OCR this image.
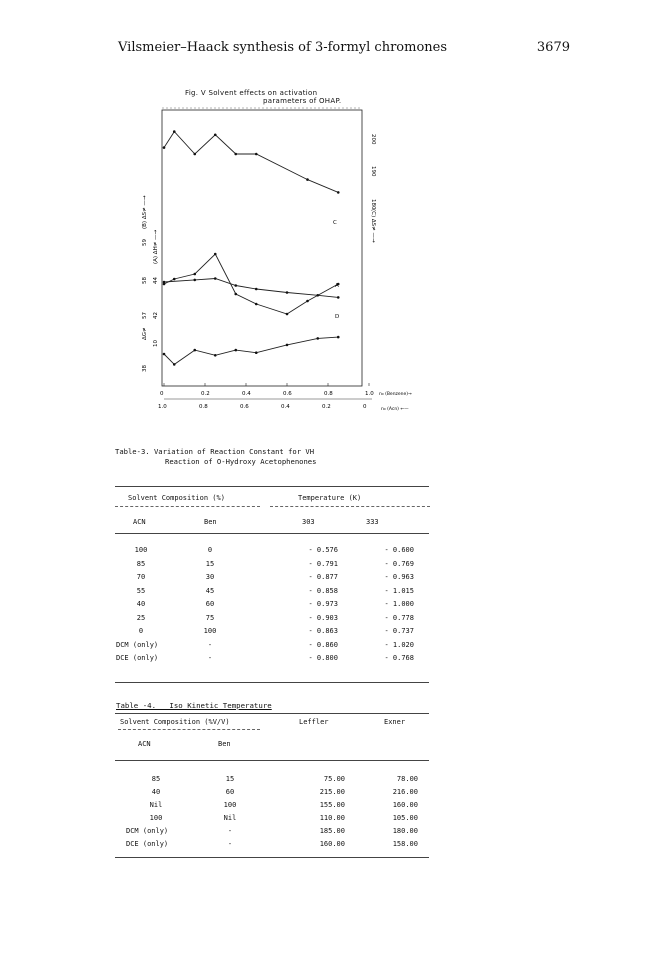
Vilsmeier–Haack synthesis of 3-formyl chromones	3679
Fig. V Solvent effects on activation
parameters of OHAP.
0
1.0
0.2
0.8
0.4
0.6
0.6
0.4
0.8
0.2
1.0
0
n₀ (Benzene)→
n₀ (Acn) ←—
C
A
D
38
ΔG≠
57
58
59
10
42
44
(A) ΔH≠ —→
(B) ΔS≠ —→
200
190
180
(C) ΔS≠ —→
Table-3. Variation of Reaction Constant for VH
Reaction of O-Hydroxy Acetophenones
Solvent Composition (%)	Temperature (K)
ACN	Ben	303	333
100	0	- 0.576	- 0.600
85	15	- 0.791	- 0.769
70	30	- 0.877	- 0.963
55	45	- 0.858	- 1.015
40	60	- 0.973	- 1.000
25	75	- 0.903	- 0.778
0	100	- 0.863	- 0.737
DCM (only)	-	- 0.860	- 1.020
DCE (only)	-	- 0.800	- 0.768
Table -4.   Iso Kinetic Temperature
Solvent Composition (%V/V)	Leffler	Exner
ACN	Ben
85	15	75.00	78.00
40	60	215.00	216.00
Nil	100	155.00	160.00
100	Nil	110.00	105.00
DCM (only)	-	185.00	180.00
DCE (only)	-	160.00	158.00
